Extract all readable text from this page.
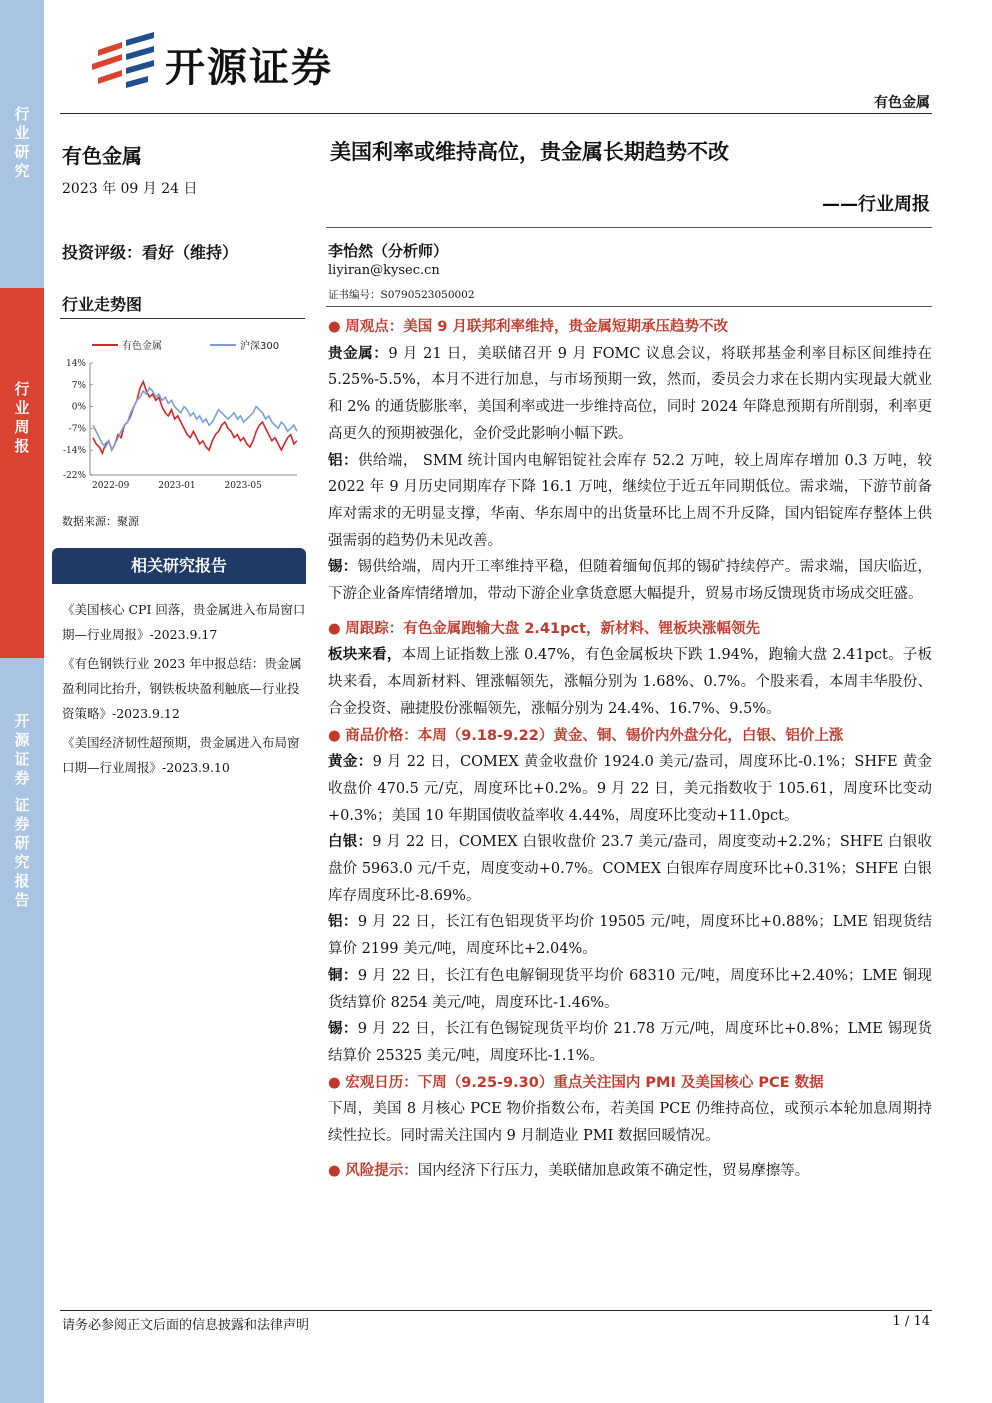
行
业
研
究
行
业
周
报
开
源
证
券
证
券
研
究
报
告
开源证券
有色金属
有色金属
2023 年 09 月 24 日
投资评级：看好（维持）
行业走势图
有色金属	沪深300
14%
7%
0%
-7%
-14%
-22%
2022-09	2023-01	2023-05
数据来源：聚源
相关研究报告
《美国核心 CPI 回落，贵金属进入布局窗口期—行业周报》-2023.9.17
《有色钢铁行业 2023 年中报总结：贵金属盈利同比抬升，钢铁板块盈利触底—行业投资策略》-2023.9.12
《美国经济韧性超预期，贵金属进入布局窗口期—行业周报》-2023.9.10
美国利率或维持高位，贵金属长期趋势不改
——行业周报
李怡然（分析师）
liyiran@kysec.cn
证书编号：S0790523050002
● 周观点：美国 9 月联邦利率维持，贵金属短期承压趋势不改
贵金属：9 月 21 日，美联储召开 9 月 FOMC 议息会议，将联邦基金利率目标区间维持在 5.25%-5.5%，本月不进行加息，与市场预期一致，然而，委员会力求在长期内实现最大就业和 2% 的通货膨胀率，美国利率或进一步维持高位，同时 2024 年降息预期有所削弱，利率更高更久的预期被强化，金价受此影响小幅下跌。
铝：供给端， SMM 统计国内电解铝锭社会库存 52.2 万吨，较上周库存增加 0.3 万吨，较 2022 年 9 月历史同期库存下降 16.1 万吨，继续位于近五年同期低位。需求端，下游节前备库对需求的无明显支撑，华南、华东周中的出货量环比上周不升反降，国内铝锭库存整体上供强需弱的趋势仍未见改善。
锡：锡供给端，周内开工率维持平稳，但随着缅甸佤邦的锡矿持续停产。需求端，国庆临近，下游企业备库情绪增加，带动下游企业拿货意愿大幅提升，贸易市场反馈现货市场成交旺盛。
● 周跟踪：有色金属跑输大盘 2.41pct，新材料、锂板块涨幅领先
板块来看，本周上证指数上涨 0.47%，有色金属板块下跌 1.94%，跑输大盘 2.41pct。子板块来看，本周新材料、锂涨幅领先，涨幅分别为 1.68%、0.7%。个股来看，本周丰华股份、合金投资、融捷股份涨幅领先，涨幅分别为 24.4%、16.7%、9.5%。
● 商品价格：本周（9.18-9.22）黄金、铜、锡价内外盘分化，白银、铝价上涨
黄金：9 月 22 日，COMEX 黄金收盘价 1924.0 美元/盎司，周度环比-0.1%；SHFE 黄金收盘价 470.5 元/克，周度环比+0.2%。9 月 22 日，美元指数收于 105.61，周度环比变动+0.3%；美国 10 年期国债收益率收 4.44%，周度环比变动+11.0pct。
白银：9 月 22 日，COMEX 白银收盘价 23.7 美元/盎司，周度变动+2.2%；SHFE 白银收盘价 5963.0 元/千克，周度变动+0.7%。COMEX 白银库存周度环比+0.31%；SHFE 白银库存周度环比-8.69%。
铝：9 月 22 日，长江有色铝现货平均价 19505 元/吨，周度环比+0.88%；LME 铝现货结算价 2199 美元/吨，周度环比+2.04%。
铜：9 月 22 日，长江有色电解铜现货平均价 68310 元/吨，周度环比+2.40%；LME 铜现货结算价 8254 美元/吨，周度环比-1.46%。
锡：9 月 22 日，长江有色锡锭现货平均价 21.78 万元/吨，周度环比+0.8%；LME 锡现货结算价 25325 美元/吨，周度环比-1.1%。
● 宏观日历：下周（9.25-9.30）重点关注国内 PMI 及美国核心 PCE 数据
下周，美国 8 月核心 PCE 物价指数公布，若美国 PCE 仍维持高位，或预示本轮加息周期持续性拉长。同时需关注国内 9 月制造业 PMI 数据回暖情况。
● 风险提示：国内经济下行压力，美联储加息政策不确定性，贸易摩擦等。
请务必参阅正文后面的信息披露和法律声明	1 / 14
